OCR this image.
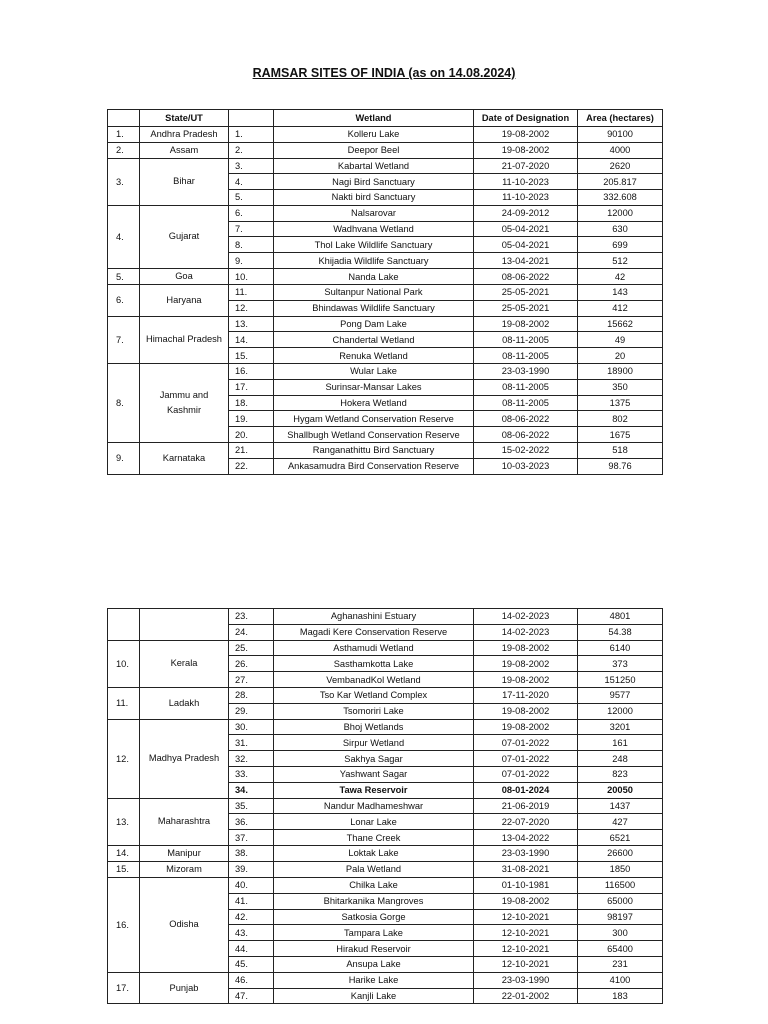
RAMSAR SITES OF INDIA (as on 14.08.2024)
	State/UT		Wetland	Date of Designation	Area (hectares)
1.	Andhra Pradesh	1.	Kolleru Lake	19-08-2002	90100
2.	Assam	2.	Deepor Beel	19-08-2002	4000
3.	Bihar	3.	Kabartal Wetland	21-07-2020	2620
		4.	Nagi Bird Sanctuary	11-10-2023	205.817
		5.	Nakti bird Sanctuary	11-10-2023	332.608
4.	Gujarat	6.	Nalsarovar	24-09-2012	12000
		7.	Wadhvana Wetland	05-04-2021	630
		8.	Thol Lake Wildlife Sanctuary	05-04-2021	699
		9.	Khijadia Wildlife Sanctuary	13-04-2021	512
5.	Goa	10.	Nanda Lake	08-06-2022	42
6.	Haryana	11.	Sultanpur National Park	25-05-2021	143
		12.	Bhindawas Wildlife Sanctuary	25-05-2021	412
7.	Himachal Pradesh	13.	Pong Dam Lake	19-08-2002	15662
		14.	Chandertal Wetland	08-11-2005	49
		15.	Renuka Wetland	08-11-2005	20
8.	Jammu and Kashmir	16.	Wular Lake	23-03-1990	18900
		17.	Surinsar-Mansar Lakes	08-11-2005	350
		18.	Hokera Wetland	08-11-2005	1375
		19.	Hygam Wetland Conservation Reserve	08-06-2022	802
		20.	Shallbugh Wetland Conservation Reserve	08-06-2022	1675
9.	Karnataka	21.	Ranganathittu Bird Sanctuary	15-02-2022	518
		22.	Ankasamudra Bird Conservation Reserve	10-03-2023	98.76
		23.	Aghanashini Estuary	14-02-2023	4801
		24.	Magadi Kere Conservation Reserve	14-02-2023	54.38
10.	Kerala	25.	Asthamudi Wetland	19-08-2002	6140
		26.	Sasthamkotta Lake	19-08-2002	373
		27.	VembanadKol Wetland	19-08-2002	151250
11.	Ladakh	28.	Tso Kar Wetland Complex	17-11-2020	9577
		29.	Tsomoriri Lake	19-08-2002	12000
12.	Madhya Pradesh	30.	Bhoj Wetlands	19-08-2002	3201
		31.	Sirpur Wetland	07-01-2022	161
		32.	Sakhya Sagar	07-01-2022	248
		33.	Yashwant Sagar	07-01-2022	823
		34.	Tawa Reservoir	08-01-2024	20050
13.	Maharashtra	35.	Nandur Madhameshwar	21-06-2019	1437
		36.	Lonar Lake	22-07-2020	427
		37.	Thane Creek	13-04-2022	6521
14.	Manipur	38.	Loktak Lake	23-03-1990	26600
15.	Mizoram	39.	Pala Wetland	31-08-2021	1850
16.	Odisha	40.	Chilka Lake	01-10-1981	116500
		41.	Bhitarkanika Mangroves	19-08-2002	65000
		42.	Satkosia Gorge	12-10-2021	98197
		43.	Tampara Lake	12-10-2021	300
		44.	Hirakud Reservoir	12-10-2021	65400
		45.	Ansupa Lake	12-10-2021	231
17.	Punjab	46.	Harike Lake	23-03-1990	4100
		47.	Kanjli Lake	22-01-2002	183
